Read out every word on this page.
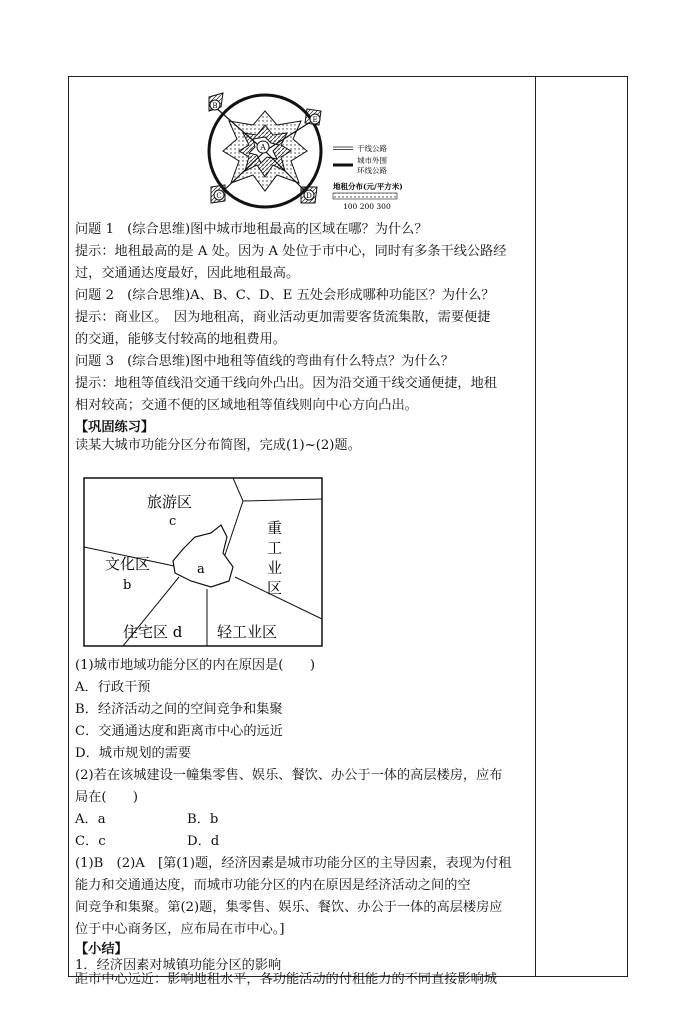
B
E
C	D
A	干线公路
城市外围
环线公路
地租分布(元/平方米)
100 200 300
问题 1　(综合思维)图中城市地租最高的区域在哪？为什么？
提示：地租最高的是 A 处。因为 A 处位于市中心，同时有多条干线公路经
过，交通通达度最好，因此地租最高。
问题 2　(综合思维)A、B、C、D、E 五处会形成哪种功能区？为什么？
提示：商业区。　因为地租高，商业活动更加需要客货流集散，需要便捷
的交通，能够支付较高的地租费用。
问题 3　(综合思维)图中地租等值线的弯曲有什么特点？为什么？
提示：地租等值线沿交通干线向外凸出。因为沿交通干线交通便捷，地租
相对较高；交通不便的区域地租等值线则向中心方向凸出。
【巩固练习】
读某大城市功能分区分布简图，完成(1)~(2)题。
旅游区
c
文化区
b
a
重
工
业
区
住宅区 d 轻工业区
(1)城市地域功能分区的内在原因是(　　)
A．行政干预
B．经济活动之间的空间竞争和集聚
C．交通通达度和距离市中心的远近
D．城市规划的需要
(2)若在该城建设一幢集零售、娱乐、餐饮、办公于一体的高层楼房，应布
局在(　　)
A．a	B．b
C．c	D．d
(1)B　(2)A　[第(1)题，经济因素是城市功能分区的主导因素，表现为付租
能力和交通通达度，而城市功能分区的内在原因是经济活动之间的空
间竞争和集聚。第(2)题，集零售、娱乐、餐饮、办公于一体的高层楼房应
位于中心商务区，应布局在市中心。]
【小结】
1．经济因素对城镇功能分区的影响
距市中心远近：影响地租水平，各功能活动的付租能力的不同直接影响城
